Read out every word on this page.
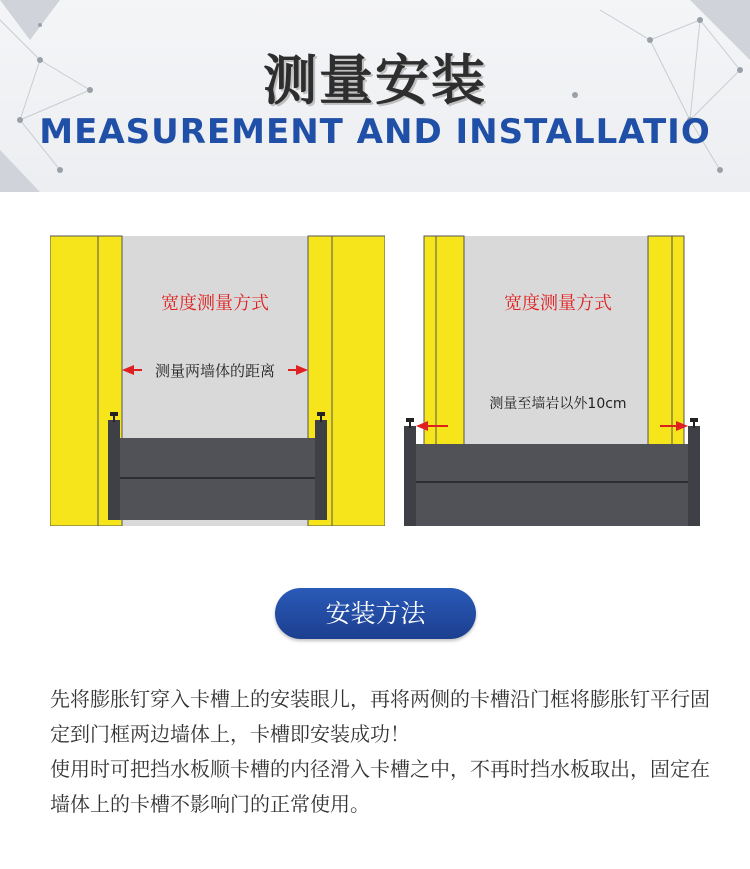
测量安装
MEASUREMENT AND INSTALLATIO
宽度测量方式
测量两墙体的距离
宽度测量方式
测量至墙岩以外10cm
安装方法

先将膨胀钉穿入卡槽上的安装眼儿，再将两侧的卡槽沿门框将膨胀钉平行固定到门框两边墙体上，卡槽即安装成功！

使用时可把挡水板顺卡槽的内径滑入卡槽之中，不再时挡水板取出，固定在墙体上的卡槽不影响门的正常使用。
